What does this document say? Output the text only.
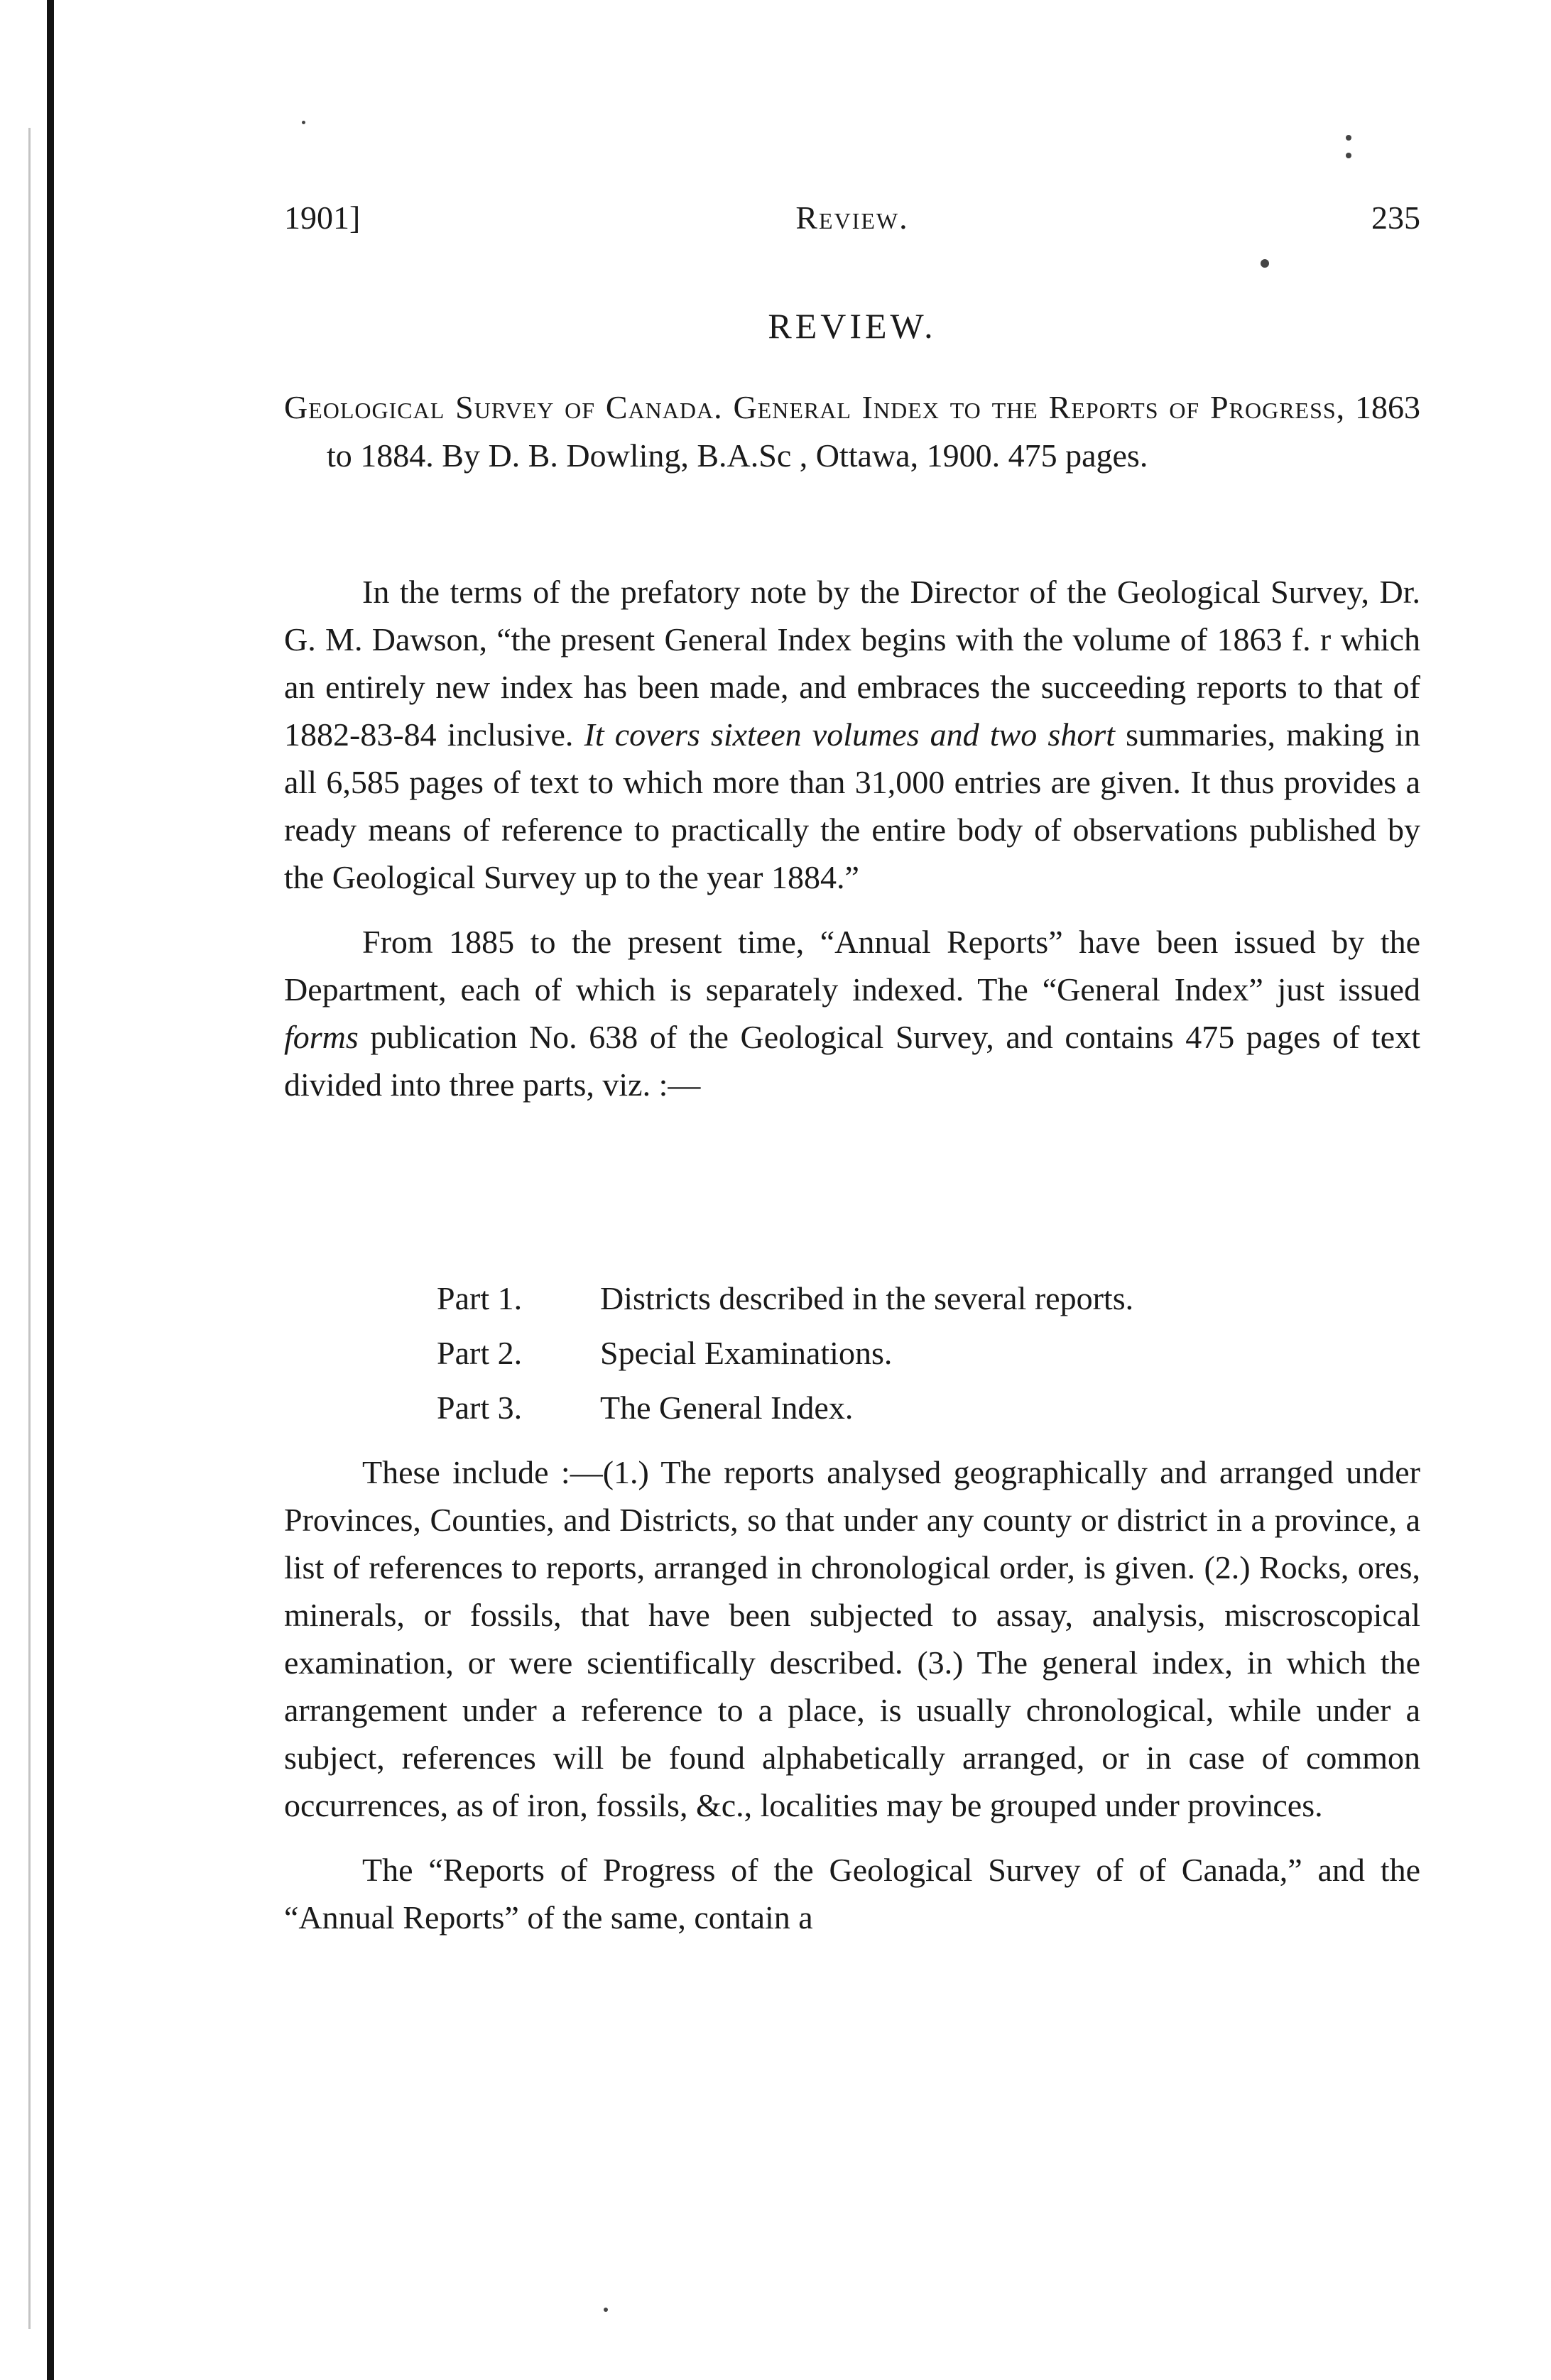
1901]	Review.	235
REVIEW.
Geological Survey of Canada. General Index to the Reports of Progress, 1863 to 1884. By D. B. Dowling, B.A.Sc , Ottawa, 1900. 475 pages.

In the terms of the prefatory note by the Director of the Geological Survey, Dr. G. M. Dawson, “the present General Index begins with the volume of 1863 f. r which an entirely new index has been made, and embraces the succeeding reports to that of 1882-83-84 inclusive. It covers sixteen volumes and two short summaries, making in all 6,585 pages of text to which more than 31,000 entries are given. It thus provides a ready means of reference to practically the entire body of observations published by the Geological Survey up to the year 1884.”

From 1885 to the present time, “Annual Reports” have been issued by the Department, each of which is separately indexed. The “General Index” just issued forms publication No. 638 of the Geological Survey, and contains 475 pages of text divided into three parts, viz. :—

Part 1. Districts described in the several reports.
Part 2. Special Examinations.
Part 3. The General Index.

These include :—(1.) The reports analysed geographically and arranged under Provinces, Counties, and Districts, so that under any county or district in a province, a list of references to reports, arranged in chronological order, is given. (2.) Rocks, ores, minerals, or fossils, that have been subjected to assay, analysis, miscroscopical examination, or were scientifically described. (3.) The general index, in which the arrangement under a reference to a place, is usually chronological, while under a subject, references will be found alphabetically arranged, or in case of common occurrences, as of iron, fossils, &c., localities may be grouped under provinces.

The “Reports of Progress of the Geological Survey of of Canada,” and the “Annual Reports” of the same, contain a
